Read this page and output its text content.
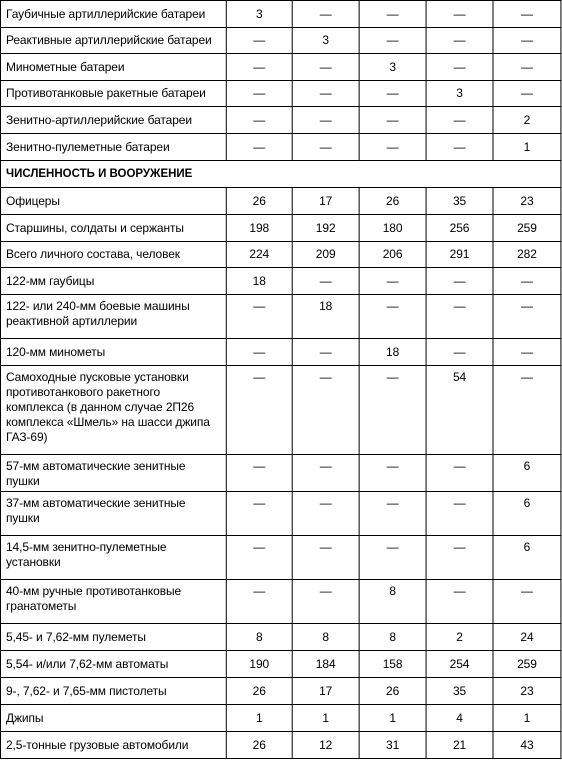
Гаубичные артиллерийские батареи	3	—	—	—	—
Реактивные артиллерийские батареи	—	3	—	—	—
Минометные батареи	—	—	3	—	—
Противотанковые ракетные батареи	—	—	—	3	—
Зенитно-артиллерийские батареи	—	—	—	—	2
Зенитно-пулеметные батареи	—	—	—	—	1
ЧИСЛЕННОСТЬ И ВООРУЖЕНИЕ					
Офицеры	26	17	26	35	23
Старшины, солдаты и сержанты	198	192	180	256	259
Всего личного состава, человек	224	209	206	291	282
122-мм гаубицы	18	—	—	—	—
122- или 240-мм боевые машины реактивной артиллерии	—	18	—	—	—
120-мм минометы	—	—	18	—	—
Самоходные пусковые установки противотанкового ракетного комплекса (в данном случае 2П26 комплекса «Шмель» на шасси джипа ГАЗ-69)	—	—	—	54	—
57-мм автоматические зенитные пушки	—	—	—	—	6
37-мм автоматические зенитные пушки	—	—	—	—	6
14,5-мм зенитно-пулеметные установки	—	—	—	—	6
40-мм ручные противотанковые гранатометы	—	—	8	—	—
5,45- и 7,62-мм пулеметы	8	8	8	2	24
5,54- и/или 7,62-мм автоматы	190	184	158	254	259
9-, 7,62- и 7,65-мм пистолеты	26	17	26	35	23
Джипы	1	1	1	4	1
2,5-тонные грузовые автомобили	26	12	31	21	43
